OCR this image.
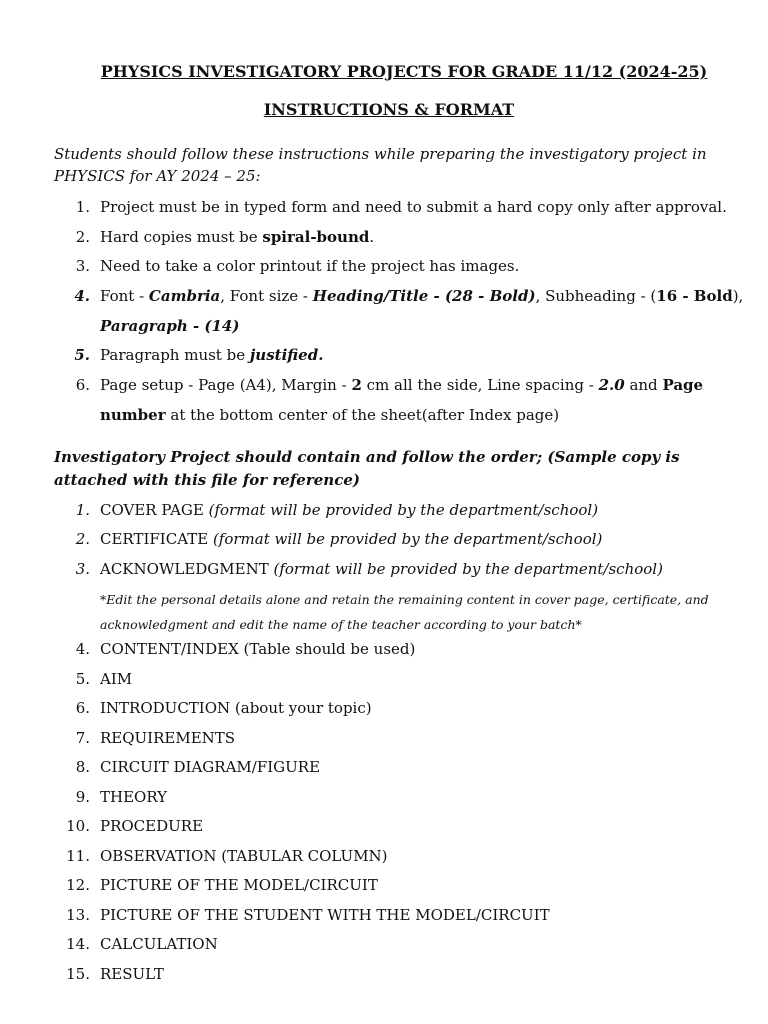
PHYSICS INVESTIGATORY PROJECTS FOR GRADE 11/12 (2024-25)
INSTRUCTIONS & FORMAT
Students should follow these instructions while preparing the investigatory project in PHYSICS for AY 2024 – 25:
1. Project must be in typed form and need to submit a hard copy only after approval.
2. Hard copies must be spiral-bound.
3. Need to take a color printout if the project has images.
4. Font - Cambria, Font size - Heading/Title - (28 - Bold), Subheading - (16 - Bold),
Paragraph - (14)
5. Paragraph must be justified.
6. Page setup - Page (A4), Margin - 2 cm all the side, Line spacing - 2.0 and Page
number at the bottom center of the sheet(after Index page)
Investigatory Project should contain and follow the order; (Sample copy is attached with this file for reference)
1. COVER PAGE (format will be provided by the department/school)
2. CERTIFICATE (format will be provided by the department/school)
3. ACKNOWLEDGMENT (format will be provided by the department/school)
*Edit the personal details alone and retain the remaining content in cover page, certificate, and acknowledgment and edit the name of the teacher according to your batch*
4. CONTENT/INDEX (Table should be used)
5. AIM
6. INTRODUCTION (about your topic)
7. REQUIREMENTS
8. CIRCUIT DIAGRAM/FIGURE
9. THEORY
10. PROCEDURE
11. OBSERVATION (TABULAR COLUMN)
12. PICTURE OF THE MODEL/CIRCUIT
13. PICTURE OF THE STUDENT WITH THE MODEL/CIRCUIT
14. CALCULATION
15. RESULT
